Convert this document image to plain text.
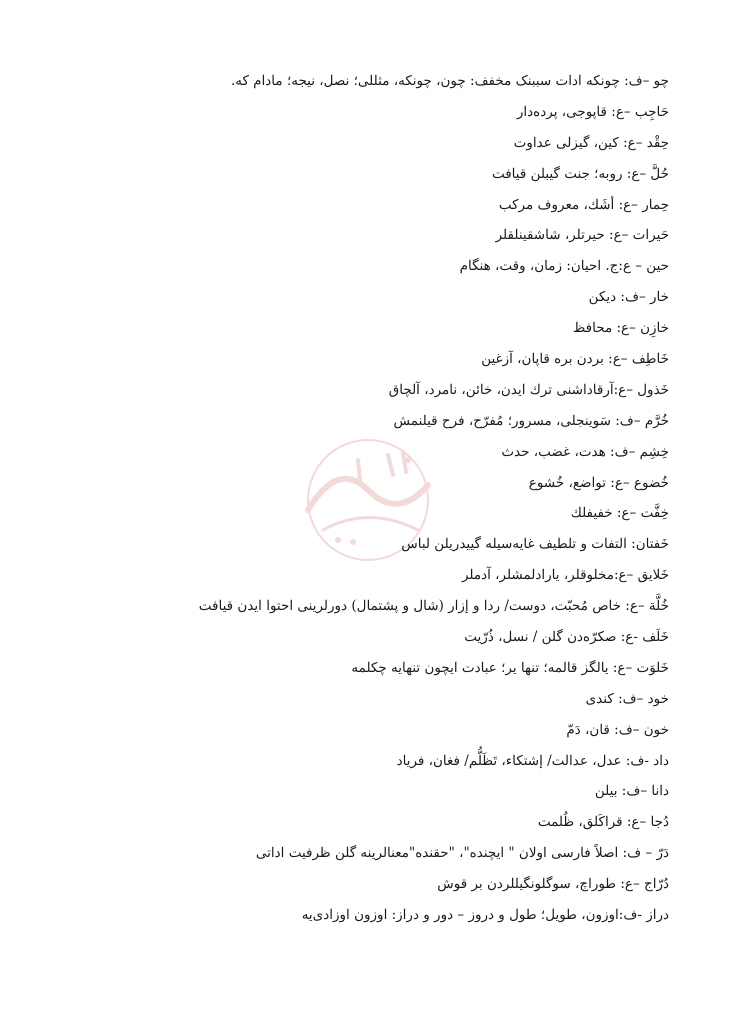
چو –ف: چونکه ادات سببنک مخفف: چون، چونکه، مثللی؛ نصل، نیجه؛ مادام که.
حَاجِب –ع: قاپوجی، پرده‌دار
حِقْد –ع: کین، گیزلی عداوت
حُلَّ –ع: روبه؛ جنت گیبلن قیافت
حِمار –ع: أشَك، معروف مرکب
حَیرات –ع: حیرتلر، شاشقینلقلر
حین – ع:ج. احیان: زمان، وقت، هنگام
خار –ف: دیکن
خازِن –ع: محافظ
خَاطِف –ع: بردن بره قاپان، آزغین
خَذول –ع:آرقاداشنی ترك ایدن، خائن، نامرد، آلچاق
خُرَّم –ف: سَوینجلی، مسرور؛ مُفرّح، فرح قیلنمش
خِشِم –ف: هدت، غضب، حدث
خُضوع –ع: تواضع، خُشوع
خِفَّت –ع: خفیفلك
خَفتان: التفات و تلطیف غایه‌سیله گییدریلن لباس
خَلایق –ع:مخلوقلر، یارادلمشلر، آدملر
خُلَّة –ع: خاص مُحبّت، دوست/ ردا و إزار (شال و پشتمال) دورلرینی احتوا ایدن قیافت
خَلَف -ع: صکرّه‌دن گلن / نسل، ذُرّیت
خَلوَت –ع: یالگز قالمه؛ تنها یر؛ عبادت ایچون تنهایه چکلمه
خود –ف: کندی
خون –ف: قان، دَمّ
داد -ف: عدل، عدالت/ إشتکاء، تَظَلُّم/ فغان، فریاد
دانا –ف: بیلن
دُجا –ع: قراکَلق، ظُلمت
دَرّ – ف: اصلاً فارسی اولان " ایچنده"، "حقنده"معنالرینه گلن ظرفیت اداتی
دُرّاج –ع: طوراچ، سوگلونگیللردن بر قوش
دراز -ف:اوزون، طویل؛ طول و دروز – دور و دراز: اوزون اوزادی‌یه
